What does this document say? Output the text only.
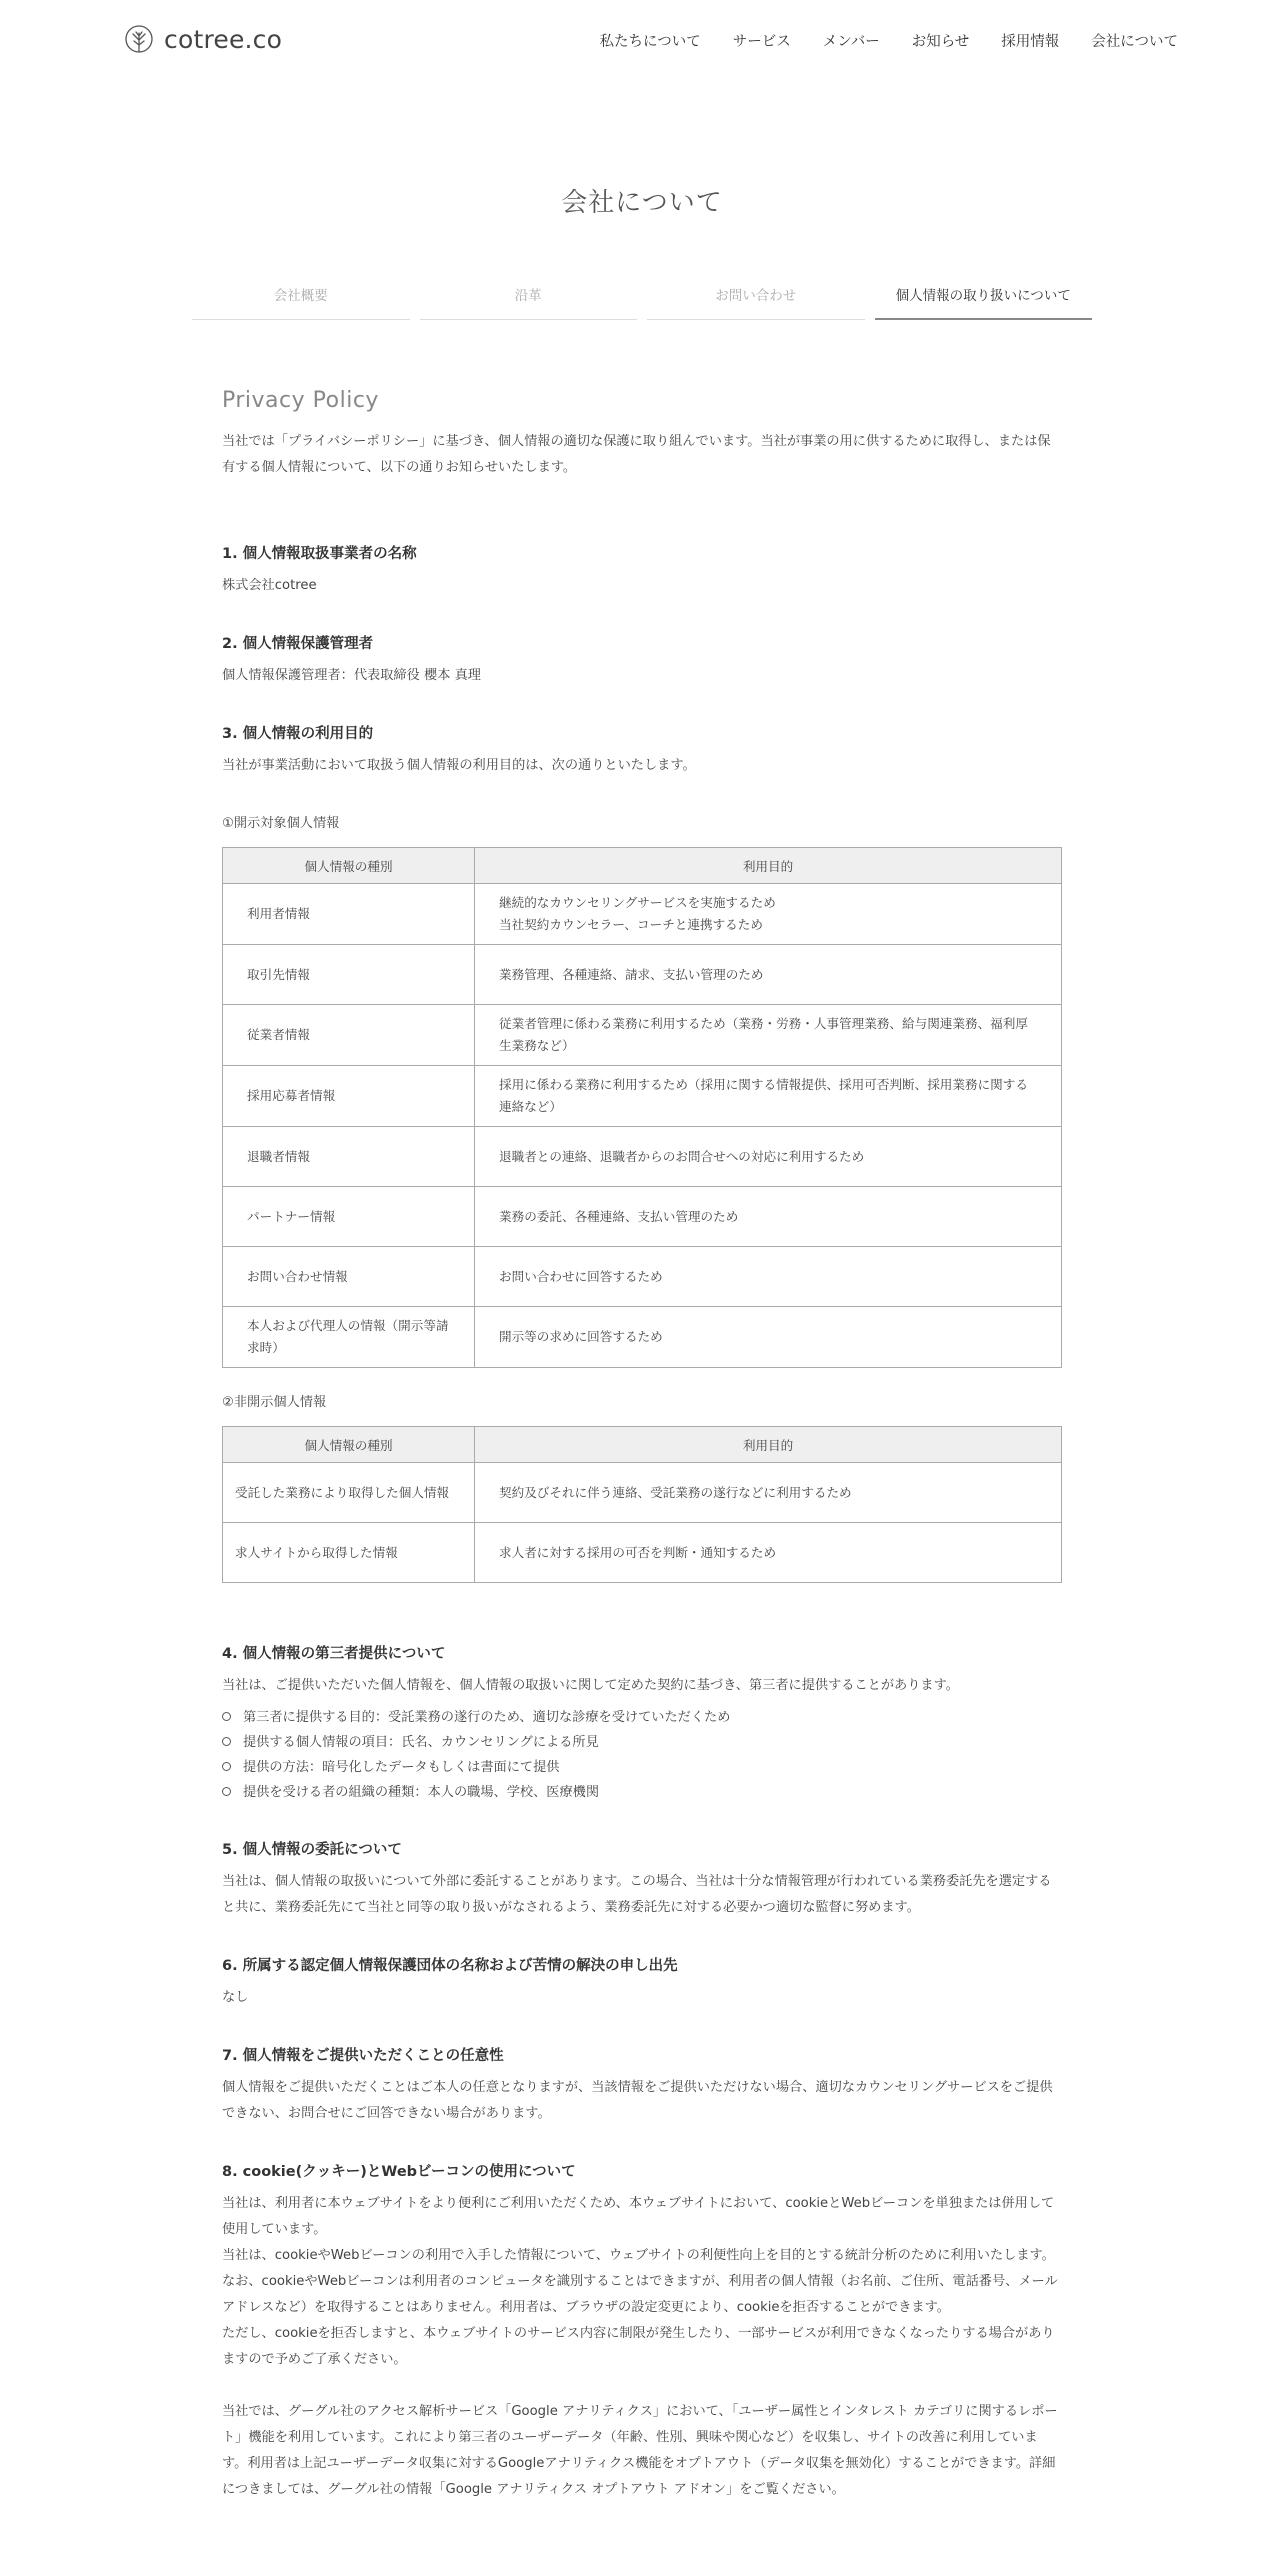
cotree.co	私たちについて サービス メンバー お知らせ 採用情報 会社について
会社について
会社概要	沿革	お問い合わせ	個人情報の取り扱いについて
Privacy Policy

当社では「プライバシーポリシー」に基づき、個人情報の適切な保護に取り組んでいます。当社が事業の用に供するために取得し、または保有する個人情報について、以下の通りお知らせいたします。

1. 個人情報取扱事業者の名称

株式会社cotree

2. 個人情報保護管理者

個人情報保護管理者：代表取締役 櫻本 真理

3. 個人情報の利用目的

当社が事業活動において取扱う個人情報の利用目的は、次の通りといたします。

①開示対象個人情報
個人情報の種別	利用目的
利用者情報	継続的なカウンセリングサービスを実施するため
当社契約カウンセラー、コーチと連携するため
取引先情報	業務管理、各種連絡、請求、支払い管理のため
従業者情報	従業者管理に係わる業務に利用するため（業務・労務・人事管理業務、給与関連業務、福利厚生業務など）
採用応募者情報	採用に係わる業務に利用するため（採用に関する情報提供、採用可否判断、採用業務に関する連絡など）
退職者情報	退職者との連絡、退職者からのお問合せへの対応に利用するため
パートナー情報	業務の委託、各種連絡、支払い管理のため
お問い合わせ情報	お問い合わせに回答するため
本人および代理人の情報（開示等請求時）	開示等の求めに回答するため
②非開示個人情報
個人情報の種別	利用目的
受託した業務により取得した個人情報	契約及びそれに伴う連絡、受託業務の遂行などに利用するため
求人サイトから取得した情報	求人者に対する採用の可否を判断・通知するため
4. 個人情報の第三者提供について

当社は、ご提供いただいた個人情報を、個人情報の取扱いに関して定めた契約に基づき、第三者に提供することがあります。

第三者に提供する目的：受託業務の遂行のため、適切な診療を受けていただくため
提供する個人情報の項目：氏名、カウンセリングによる所見
提供の方法：暗号化したデータもしくは書面にて提供
提供を受ける者の組織の種類：本人の職場、学校、医療機関
5. 個人情報の委託について

当社は、個人情報の取扱いについて外部に委託することがあります。この場合、当社は十分な情報管理が行われている業務委託先を選定すると共に、業務委託先にて当社と同等の取り扱いがなされるよう、業務委託先に対する必要かつ適切な監督に努めます。

6. 所属する認定個人情報保護団体の名称および苦情の解決の申し出先

なし

7. 個人情報をご提供いただくことの任意性

個人情報をご提供いただくことはご本人の任意となりますが、当該情報をご提供いただけない場合、適切なカウンセリングサービスをご提供できない、お問合せにご回答できない場合があります。

8. cookie(クッキー)とWebビーコンの使用について

当社は、利用者に本ウェブサイトをより便利にご利用いただくため、本ウェブサイトにおいて、cookieとWebビーコンを単独または併用して使用しています。

当社は、cookieやWebビーコンの利用で入手した情報について、ウェブサイトの利便性向上を目的とする統計分析のために利用いたします。

なお、cookieやWebビーコンは利用者のコンピュータを識別することはできますが、利用者の個人情報（お名前、ご住所、電話番号、メールアドレスなど）を取得することはありません。利用者は、ブラウザの設定変更により、cookieを拒否することができます。

ただし、cookieを拒否しますと、本ウェブサイトのサービス内容に制限が発生したり、一部サービスが利用できなくなったりする場合がありますので予めご了承ください。

当社では、グーグル社のアクセス解析サービス「Google アナリティクス」において、「ユーザー属性とインタレスト カテゴリに関するレポート」機能を利用しています。これにより第三者のユーザーデータ（年齢、性別、興味や関心など）を収集し、サイトの改善に利用しています。利用者は上記ユーザーデータ収集に対するGoogleアナリティクス機能をオプトアウト（データ収集を無効化）することができます。詳細につきましては、グーグル社の情報「Google アナリティクス オプトアウト アドオン」をご覧ください。
